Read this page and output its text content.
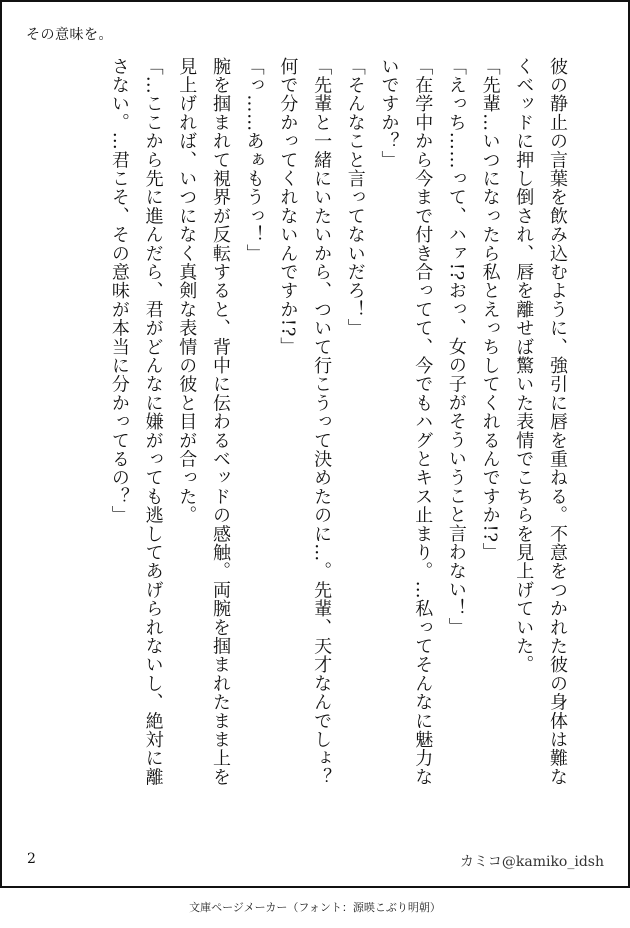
その意味を。
彼の静止の言葉を飲み込むように、強引に唇を重ねる。不意をつかれた彼の身体は難な
くベッドに押し倒され、唇を離せば驚いた表情でこちらを見上げていた。
「先輩…いつになったら私とえっちしてくれるんですか!?」
「えっち……って、ハァ!?おっ、女の子がそういうこと言わない！」
「在学中から今まで付き合ってて、今でもハグとキス止まり。…私ってそんなに魅力な
いですか？」
「そんなこと言ってないだろ！」
「先輩と一緒にいたいから、ついて行こうって決めたのに…。先輩、天才なんでしょ？
何で分かってくれないんですか!?」
「っ……あぁもうっ！」
腕を掴まれて視界が反転すると、背中に伝わるベッドの感触。両腕を掴まれたまま上を
見上げれば、いつになく真剣な表情の彼と目が合った。
「…ここから先に進んだら、君がどんなに嫌がっても逃してあげられないし、絶対に離
さない。…君こそ、その意味が本当に分かってるの？」
2	カミコ@kamiko_idsh
文庫ページメーカー（フォント：源暎こぶり明朝）
